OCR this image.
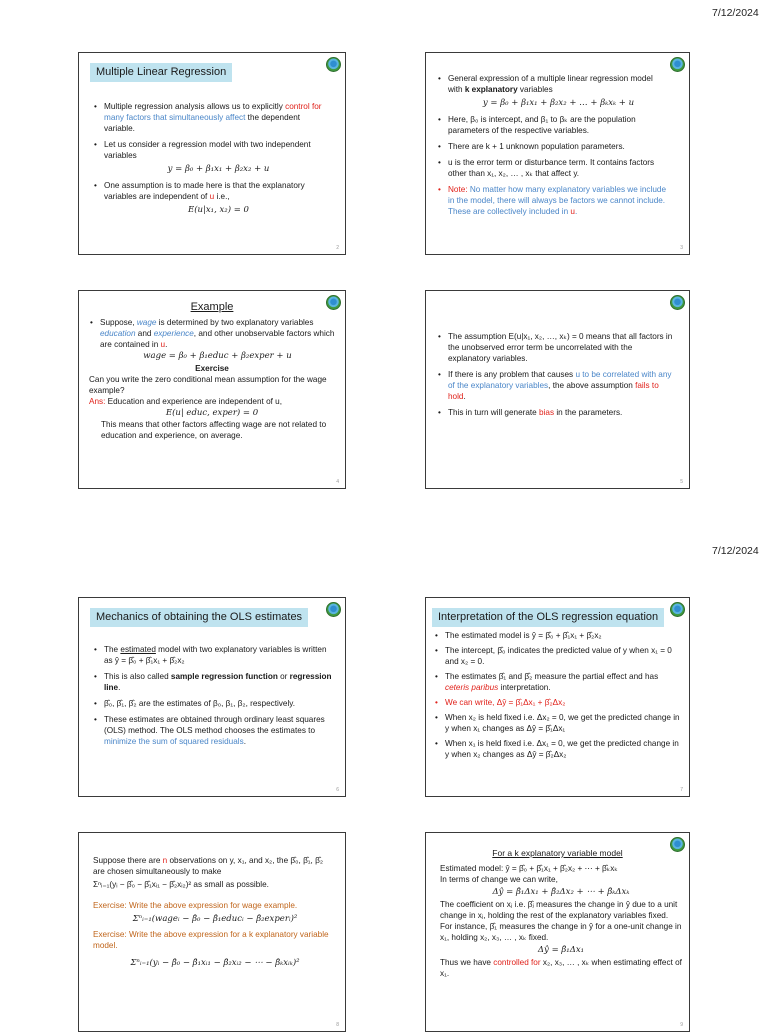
7/12/2024
7/12/2024
Multiple Linear Regression
• Multiple regression analysis allows us to explicitly control for many factors that simultaneously affect the dependent variable.
• Let us consider a regression model with two independent variables
y = β₀ + β₁x₁ + β₂x₂ + u
• One assumption is to made here is that the explanatory variables are independent of u i.e.,
E(u|x₁, x₂) = 0
2
• General expression of a multiple linear regression model with k explanatory variables
y = β₀ + β₁x₁ + β₂x₂ + … + βₖxₖ + u
• Here, β₀ is intercept, and β₁ to βₖ are the population parameters of the respective variables.
• There are k + 1 unknown population parameters.
• u is the error term or disturbance term. It contains factors other than x₁, x₂, … , xₖ that affect y.
• Note: No matter how many explanatory variables we include in the model, there will always be factors we cannot include. These are collectively included in u.
3
Example
• Suppose, wage is determined by two explanatory variables education and experience, and other unobservable factors which are contained in u.
wage = β₀ + β₁educ + β₂exper + u
Exercise
Can you write the zero conditional mean assumption for the wage example?
Ans: Education and experience are independent of u,
E(u| educ, exper) = 0
This means that other factors affecting wage are not related to education and experience, on average.
4
• The assumption E(u|x₁, x₂, …, xₖ) = 0 means that all factors in the unobserved error term be uncorrelated with the explanatory variables.
• If there is any problem that causes u to be correlated with any of the explanatory variables, the above assumption fails to hold.
• This in turn will generate bias in the parameters.
5
Mechanics of obtaining the OLS estimates
• The estimated model with two explanatory variables is written as ŷ = β̂₀ + β̂₁x₁ + β̂₂x₂
• This is also called sample regression function or regression line.
• β̂₀, β̂₁, β̂₂ are the estimates of β₀, β₁, β₂, respectively.
• These estimates are obtained through ordinary least squares (OLS) method. The OLS method chooses the estimates to minimize the sum of squared residuals.
6
Interpretation of the OLS regression equation
• The estimated model is ŷ = β̂₀ + β̂₁x₁ + β̂₂x₂
• The intercept, β̂₀ indicates the predicted value of y when x₁ = 0 and x₂ = 0.
• The estimates β̂₁ and β̂₂ measure the partial effect and has ceteris paribus interpretation.
• We can write, Δŷ = β̂₁Δx₁ + β̂₂Δx₂
• When x₂ is held fixed i.e. Δx₂ = 0, we get the predicted change in y when x₁ changes as Δŷ = β̂₁Δx₁
• When x₁ is held fixed i.e. Δx₁ = 0, we get the predicted change in y when x₂ changes as Δŷ = β̂₂Δx₂
7
Suppose there are n observations on y, x₁, and x₂, the β̂₀, β̂₁, β̂₂ are chosen simultaneously to make
Σⁿᵢ₌₁(yᵢ − β̂₀ − β̂₁xᵢ₁ − β̂₂xᵢ₂)² as small as possible.
Exercise: Write the above expression for wage example.
Σⁿᵢ₌₁(wageᵢ − β̂₀ − β̂₁educᵢ − β̂₂experᵢ)²
Exercise: Write the above expression for a k explanatory variable model.
Σⁿᵢ₌₁(yᵢ − β̂₀ − β̂₁xᵢ₁ − β̂₂xᵢ₂ − ⋯ − β̂ₖxᵢₖ)²
8
For a k explanatory variable model
Estimated model: ŷ = β̂₀ + β̂₁x₁ + β̂₂x₂ + ⋯ + β̂ₖxₖ
In terms of change we can write,
Δŷ = β̂₁Δx₁ + β̂₂Δx₂ + ⋯ + β̂ₖΔxₖ
The coefficient on xⱼ i.e. β̂ⱼ measures the change in ŷ due to a unit change in xⱼ, holding the rest of the explanatory variables fixed.
For instance, β̂₁ measures the change in ŷ for a one-unit change in x₁, holding x₂, x₃, … , xₖ fixed.
Δŷ = β̂₁Δx₁
Thus we have controlled for x₂, x₃, … , xₖ when estimating effect of x₁.
9
